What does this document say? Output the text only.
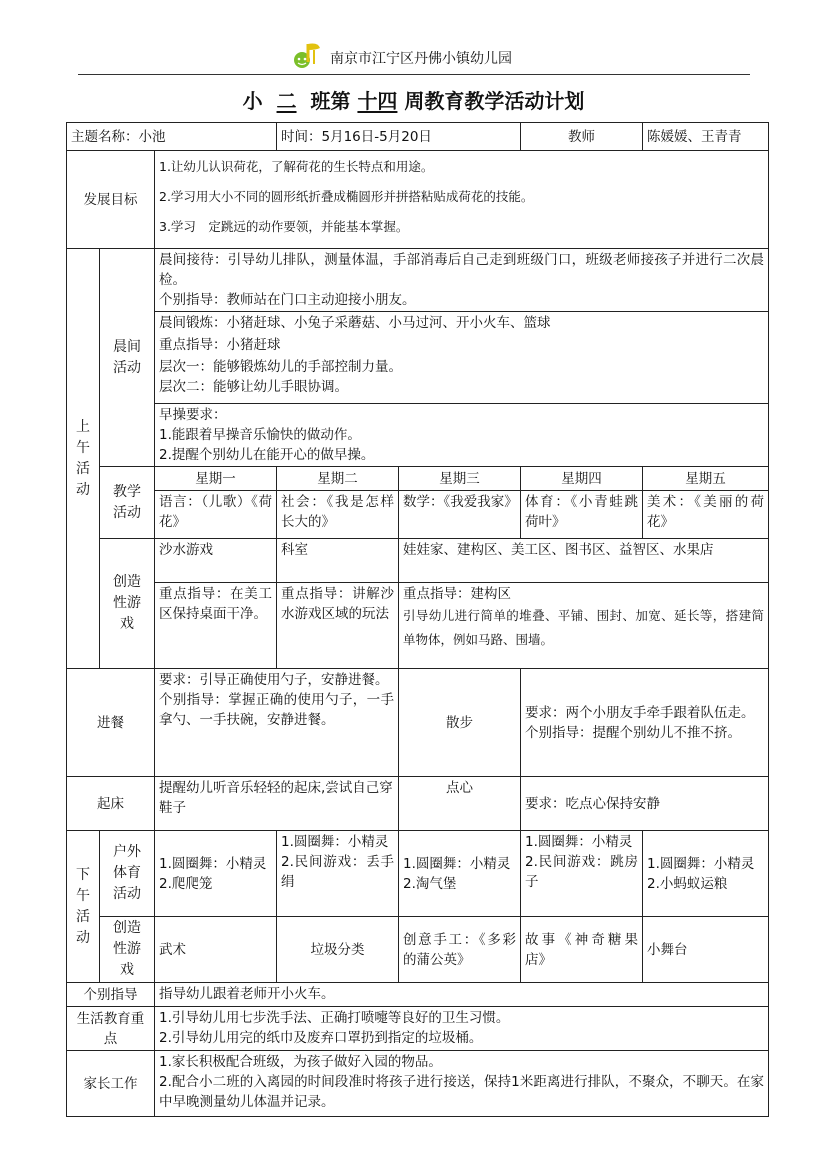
南京市江宁区丹佛小镇幼儿园
小 二 班第 十四 周教育教学活动计划
主题名称：小池			时间：5月16日-5月20日		教师	陈媛媛、王青青
发展目标		1.让幼儿认识荷花，了解荷花的生长特点和用途。
2.学习用大小不同的圆形纸折叠成椭圆形并拼搭粘贴成荷花的技能。
3.学习　定跳远的动作要领，并能基本掌握。				

上午活动	晨间活动	晨间接待：引导幼儿排队，测量体温，手部消毒后自己走到班级门口，班级老师接孩子并进行二次晨检。
个别指导：教师站在门口主动迎接小朋友。				

		晨间锻炼：小猪赶球、小兔子采蘑菇、小马过河、开小火车、篮球
重点指导：小猪赶球
层次一：能够锻炼幼儿的手部控制力量。
层次二：能够让幼儿手眼协调。				

		早操要求：
1.能跟着早操音乐愉快的做动作。
2.提醒个别幼儿在能开心的做早操。				

	教学活动	星期一	星期二	星期三	星期四	星期五
		语言：（儿歌）《荷花》	社会：《我是怎样长大的》	数学：《我爱我家》	体育：《小青蛙跳荷叶》	美术：《美丽的荷花》
	创造性游戏	沙水游戏	科室	娃娃家、建构区、美工区、图书区、益智区、水果店		
		重点指导：在美工区保持桌面干净。	重点指导：讲解沙水游戏区域的玩法	重点指导：建构区
引导幼儿进行简单的堆叠、平铺、围封、加宽、延长等，搭建简单物体，例如马路、围墙。		

进餐		要求：引导正确使用勺子，安静进餐。
个别指导：掌握正确的使用勺子，一手拿勺、一手扶碗，安静进餐。		散步	要求：两个小朋友手牵手跟着队伍走。
个别指导：提醒个别幼儿不推不挤。	

起床		提醒幼儿听音乐轻轻的起床,尝试自己穿鞋子		点心	要求：吃点心保持安静	
下午活动	户外体育活动	1.圆圈舞：小精灵
2.爬爬笼	1.圆圈舞：小精灵
2.民间游戏：丢手绢	1.圆圈舞：小精灵
2.淘气堡	1.圆圈舞：小精灵
2.民间游戏：跳房子	1.圆圈舞：小精灵
2.小蚂蚁运粮

	创造性游戏	武术	垃圾分类	创意手工：《多彩的蒲公英》	故事《神奇糖果店》	小舞台
个别指导		指导幼儿跟着老师开小火车。				
生活教育重点		1.引导幼儿用七步洗手法、正确打喷嚏等良好的卫生习惯。
2.引导幼儿用完的纸巾及废弃口罩扔到指定的垃圾桶。				

家长工作		1.家长积极配合班级，为孩子做好入园的物品。
2.配合小二班的入离园的时间段准时将孩子进行接送，保持1米距离进行排队，不聚众，不聊天。在家中早晚测量幼儿体温并记录。				
